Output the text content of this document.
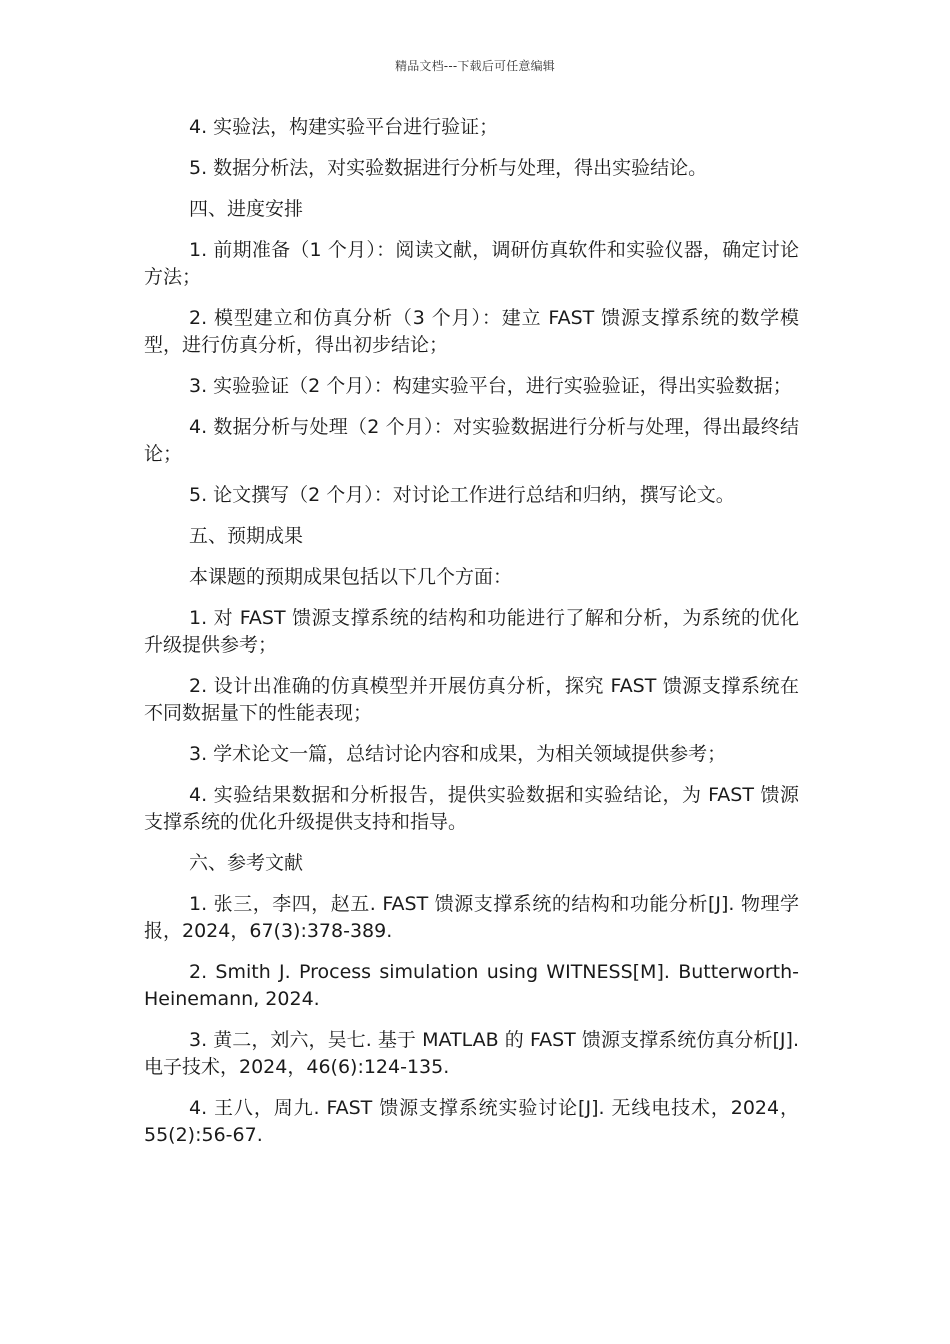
精品文档---下载后可任意编辑

4. 实验法，构建实验平台进行验证；

5. 数据分析法，对实验数据进行分析与处理，得出实验结论。

四、进度安排

1. 前期准备（1 个月）：阅读文献，调研仿真软件和实验仪器，确定讨论方法；

2. 模型建立和仿真分析（3 个月）：建立 FAST 馈源支撑系统的数学模型，进行仿真分析，得出初步结论；

3. 实验验证（2 个月）：构建实验平台，进行实验验证，得出实验数据；

4. 数据分析与处理（2 个月）：对实验数据进行分析与处理，得出最终结论；

5. 论文撰写（2 个月）：对讨论工作进行总结和归纳，撰写论文。

五、预期成果

本课题的预期成果包括以下几个方面：

1. 对 FAST 馈源支撑系统的结构和功能进行了解和分析，为系统的优化升级提供参考；

2. 设计出准确的仿真模型并开展仿真分析，探究 FAST 馈源支撑系统在不同数据量下的性能表现；

3. 学术论文一篇，总结讨论内容和成果，为相关领域提供参考；

4. 实验结果数据和分析报告，提供实验数据和实验结论，为 FAST 馈源支撑系统的优化升级提供支持和指导。

六、参考文献

1. 张三，李四，赵五. FAST 馈源支撑系统的结构和功能分析[J]. 物理学报，2024，67(3):378-389.

2. Smith J. Process simulation using WITNESS[M]. Butterworth-Heinemann, 2024.

3. 黄二，刘六，吴七. 基于 MATLAB 的 FAST 馈源支撑系统仿真分析[J]. 电子技术，2024，46(6):124-135.

4. 王八，周九. FAST 馈源支撑系统实验讨论[J]. 无线电技术，2024，55(2):56-67.
